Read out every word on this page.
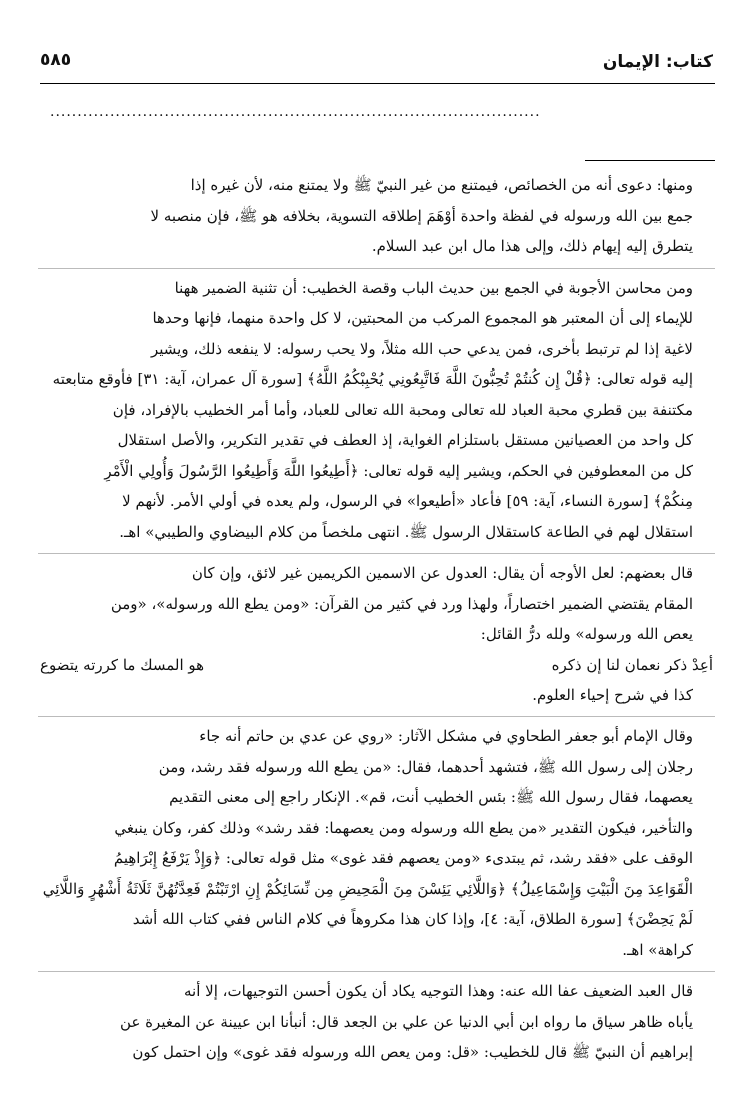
كتاب: الإيمان
٥٨٥
..........................................................................................

ومنها: دعوى أنه من الخصائص، فيمتنع من غير النبيّ ﷺ ولا يمتنع منه، لأن غيره إذا
جمع بين الله ورسوله في لفظة واحدة أوْهَمَ إطلاقه التسوية، بخلافه هو ﷺ، فإن منصبه لا
يتطرق إليه إيهام ذلك، وإلى هذا مال ابن عبد السلام.

ومن محاسن الأجوبة في الجمع بين حديث الباب وقصة الخطيب: أن تثنية الضمير ههنا
للإيماء إلى أن المعتبر هو المجموع المركب من المحبتين، لا كل واحدة منهما، فإنها وحدها
لاغية إذا لم ترتبط بأخرى، فمن يدعي حب الله مثلاً، ولا يحب رسوله: لا ينفعه ذلك، ويشير
إليه قوله تعالى: ﴿قُلْ إِن كُنتُمْ تُحِبُّونَ اللَّهَ فَاتَّبِعُونِي يُحْبِبْكُمُ اللَّهُ﴾ [سورة آل عمران، آية: ٣١] فأوقع متابعته
مكتنفة بين قطري محبة العباد لله تعالى ومحبة الله تعالى للعباد، وأما أمر الخطيب بالإفراد، فإن
كل واحد من العصيانين مستقل باستلزام الغواية، إذ العطف في تقدير التكرير، والأصل استقلال
كل من المعطوفين في الحكم، ويشير إليه قوله تعالى: ﴿أَطِيعُوا اللَّهَ وَأَطِيعُوا الرَّسُولَ وَأُولِي الْأَمْرِ
مِنكُمْ﴾ [سورة النساء، آية: ٥٩] فأعاد «أطيعوا» في الرسول، ولم يعده في أولي الأمر. لأنهم لا
استقلال لهم في الطاعة كاستقلال الرسول ﷺ. انتهى ملخصاً من كلام البيضاوي والطيبي» اهـ.

قال بعضهم: لعل الأوجه أن يقال: العدول عن الاسمين الكريمين غير لائق، وإن كان
المقام يقتضي الضمير اختصاراً، ولهذا ورد في كثير من القرآن: «ومن يطع الله ورسوله»، «ومن
يعص الله ورسوله» ولله درُّ القائل:

أعِدْ ذكر نعمان لنا إن ذكره
هو المسك ما كررته يتضوع

كذا في شرح إحياء العلوم.

وقال الإمام أبو جعفر الطحاوي في مشكل الآثار: «روي عن عدي بن حاتم أنه جاء
رجلان إلى رسول الله ﷺ، فتشهد أحدهما، فقال: «من يطع الله ورسوله فقد رشد، ومن
يعصهما، فقال رسول الله ﷺ: بئس الخطيب أنت، قم». الإنكار راجع إلى معنى التقديم
والتأخير، فيكون التقدير «من يطع الله ورسوله ومن يعصهما: فقد رشد» وذلك كفر، وكان ينبغي
الوقف على «فقد رشد، ثم يبتدىء «ومن يعصهم فقد غوى» مثل قوله تعالى: ﴿وَإِذْ يَرْفَعُ إِبْرَاهِيمُ
الْقَوَاعِدَ مِنَ الْبَيْتِ وَإِسْمَاعِيلُ﴾ ﴿وَاللَّائِي يَئِسْنَ مِنَ الْمَحِيضِ مِن نِّسَائِكُمْ إِنِ ارْتَبْتُمْ فَعِدَّتُهُنَّ ثَلَاثَةُ أَشْهُرٍ وَاللَّائِي
لَمْ يَحِضْنَ﴾ [سورة الطلاق، آية: ٤]، وإذا كان هذا مكروهاً في كلام الناس ففي كتاب الله أشد
كراهة» اهـ.

قال العبد الضعيف عفا الله عنه: وهذا التوجيه يكاد أن يكون أحسن التوجيهات، إلا أنه
يأباه ظاهر سياق ما رواه ابن أبي الدنيا عن علي بن الجعد قال: أنبأنا ابن عيينة عن المغيرة عن
إبراهيم أن النبيّ ﷺ قال للخطيب: «قل: ومن يعص الله ورسوله فقد غوى» وإن احتمل كون
